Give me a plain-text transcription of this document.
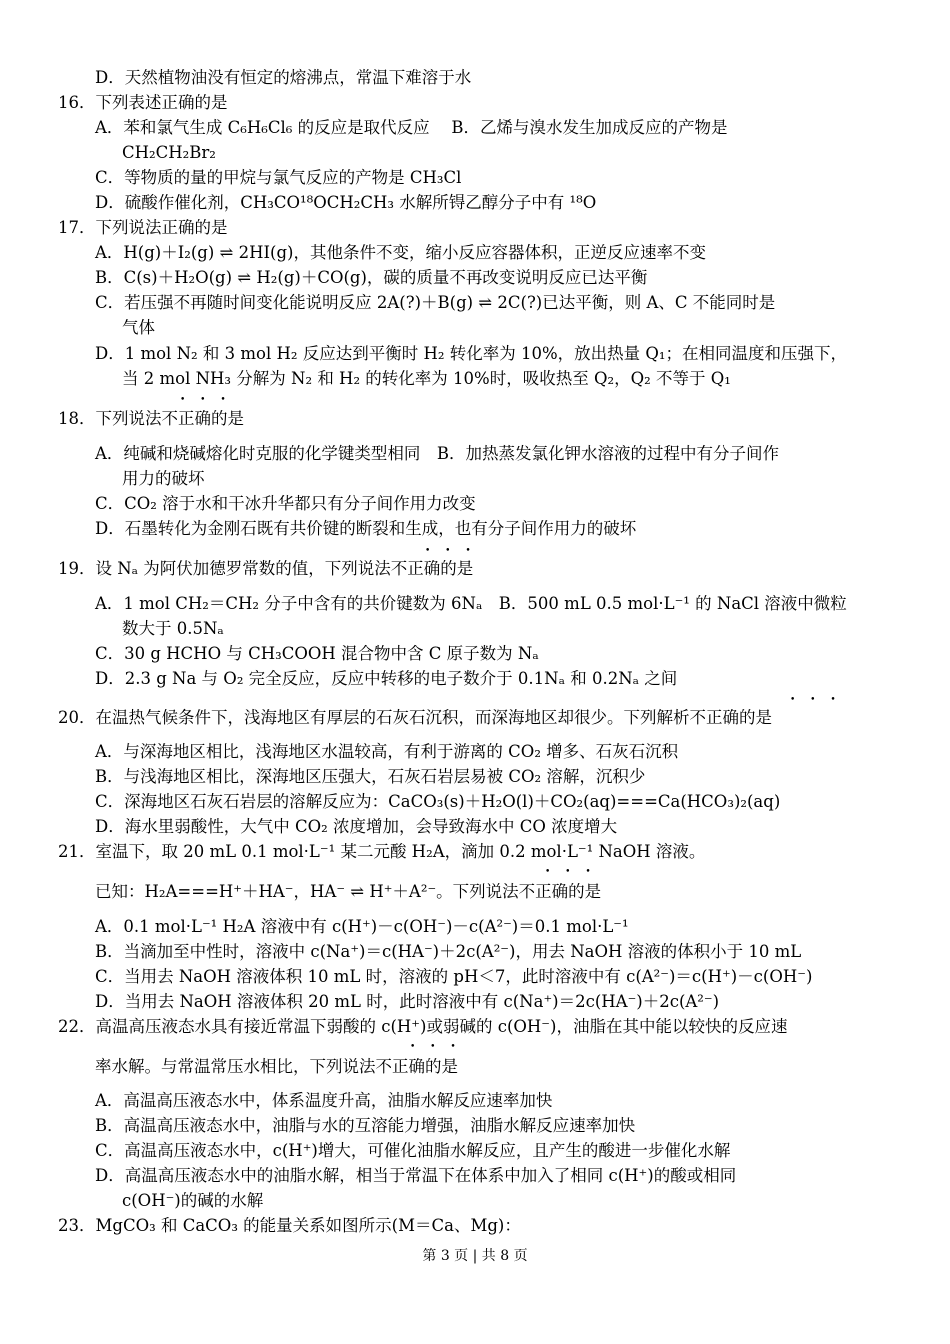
D．天然植物油没有恒定的熔沸点，常温下难溶于水
16．下列表述正确的是
A．苯和氯气生成 C₆H₆Cl₆ 的反应是取代反应　 B．乙烯与溴水发生加成反应的产物是
CH₂CH₂Br₂
C．等物质的量的甲烷与氯气反应的产物是 CH₃Cl
D．硫酸作催化剂，CH₃CO¹⁸OCH₂CH₃ 水解所锝乙醇分子中有 ¹⁸O
17．下列说法正确的是
A．H(g)＋I₂(g) ⇌ 2HI(g)，其他条件不变，缩小反应容器体积，正逆反应速率不变
B．C(s)＋H₂O(g) ⇌ H₂(g)＋CO(g)，碳的质量不再改变说明反应已达平衡
C．若压强不再随时间变化能说明反应 2A(?)＋B(g) ⇌ 2C(?)已达平衡，则 A、C 不能同时是
气体
D．1 mol N₂ 和 3 mol H₂ 反应达到平衡时 H₂ 转化率为 10%，放出热量 Q₁；在相同温度和压强下，
当 2 mol NH₃ 分解为 N₂ 和 H₂ 的转化率为 10%时，吸收热至 Q₂，Q₂ 不等于 Q₁
• • •
18．下列说法不正确的是
A．纯碱和烧碱熔化时克服的化学键类型相同　B．加热蒸发氯化钾水溶液的过程中有分子间作
用力的破坏
C．CO₂ 溶于水和干冰升华都只有分子间作用力改变
D．石墨转化为金刚石既有共价键的断裂和生成，也有分子间作用力的破坏
• • •
19．设 Nₐ 为阿伏加德罗常数的值，下列说法不正确的是
A．1 mol CH₂＝CH₂ 分子中含有的共价键数为 6Nₐ　B．500 mL 0.5 mol·L⁻¹ 的 NaCl 溶液中微粒
数大于 0.5Nₐ
C．30 g HCHO 与 CH₃COOH 混合物中含 C 原子数为 Nₐ
D．2.3 g Na 与 O₂ 完全反应，反应中转移的电子数介于 0.1Nₐ 和 0.2Nₐ 之间
• • •
20．在温热气候条件下，浅海地区有厚层的石灰石沉积，而深海地区却很少。下列解析不正确的是
A．与深海地区相比，浅海地区水温较高，有利于游离的 CO₂ 增多、石灰石沉积
B．与浅海地区相比，深海地区压强大，石灰石岩层易被 CO₂ 溶解，沉积少
C．深海地区石灰石岩层的溶解反应为：CaCO₃(s)＋H₂O(l)＋CO₂(aq)===Ca(HCO₃)₂(aq)
D．海水里弱酸性，大气中 CO₂ 浓度增加，会导致海水中 CO 浓度增大
21．室温下，取 20 mL 0.1 mol·L⁻¹ 某二元酸 H₂A，滴加 0.2 mol·L⁻¹ NaOH 溶液。
• • •
已知：H₂A===H⁺＋HA⁻，HA⁻ ⇌ H⁺＋A²⁻。下列说法不正确的是
A．0.1 mol·L⁻¹ H₂A 溶液中有 c(H⁺)－c(OH⁻)－c(A²⁻)＝0.1 mol·L⁻¹
B．当滴加至中性时，溶液中 c(Na⁺)＝c(HA⁻)＋2c(A²⁻)，用去 NaOH 溶液的体积小于 10 mL
C．当用去 NaOH 溶液体积 10 mL 时，溶液的 pH＜7，此时溶液中有 c(A²⁻)＝c(H⁺)－c(OH⁻)
D．当用去 NaOH 溶液体积 20 mL 时，此时溶液中有 c(Na⁺)＝2c(HA⁻)＋2c(A²⁻)
22．高温高压液态水具有接近常温下弱酸的 c(H⁺)或弱碱的 c(OH⁻)，油脂在其中能以较快的反应速
• • •
率水解。与常温常压水相比，下列说法不正确的是
A．高温高压液态水中，体系温度升高，油脂水解反应速率加快
B．高温高压液态水中，油脂与水的互溶能力增强，油脂水解反应速率加快
C．高温高压液态水中，c(H⁺)增大，可催化油脂水解反应，且产生的酸进一步催化水解
D．高温高压液态水中的油脂水解，相当于常温下在体系中加入了相同 c(H⁺)的酸或相同
c(OH⁻)的碱的水解
23．MgCO₃ 和 CaCO₃ 的能量关系如图所示(M＝Ca、Mg)：
第 3 页 | 共 8 页
